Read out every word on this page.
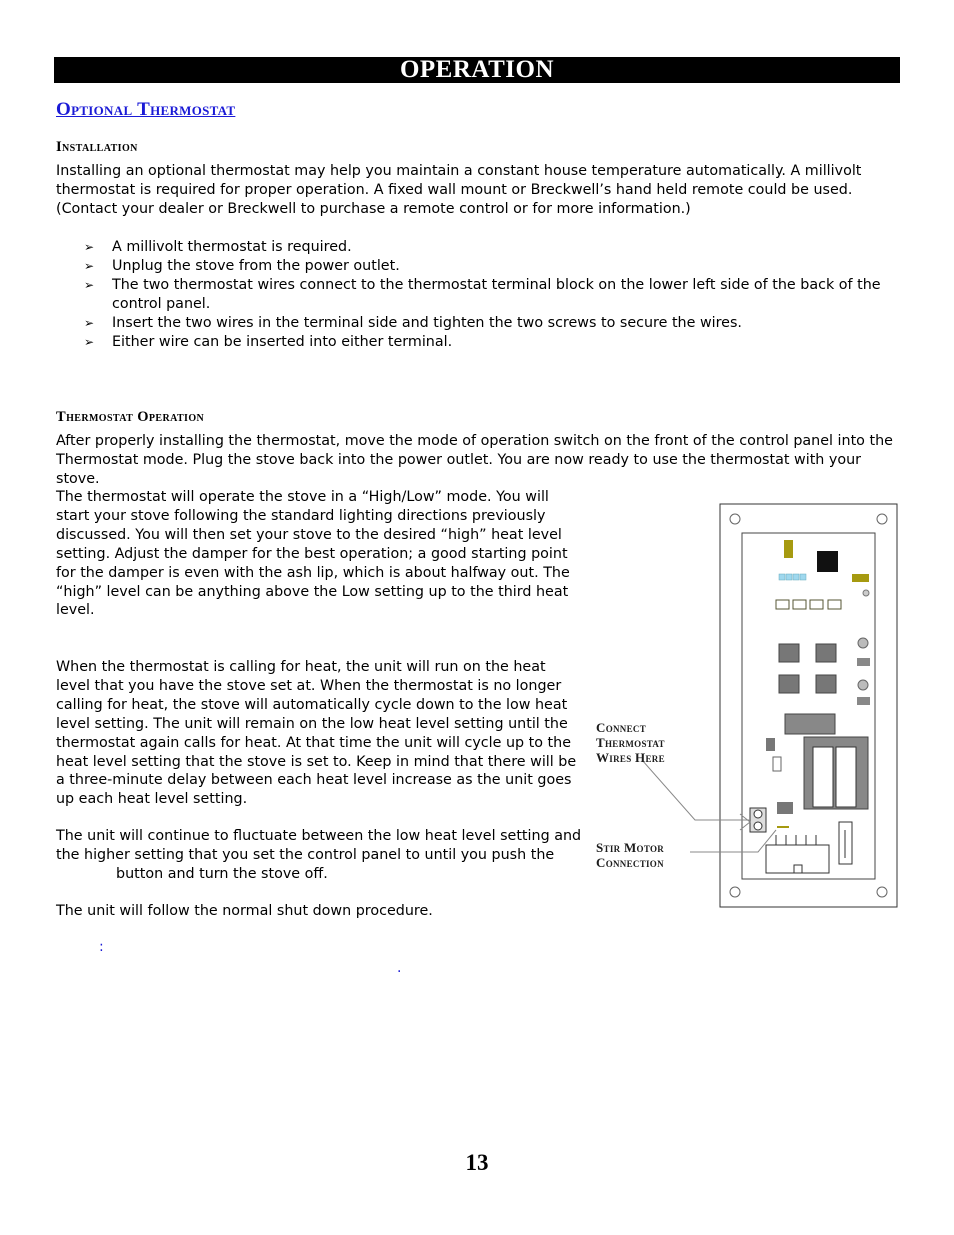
OPERATION
Optional Thermostat
Installation

Installing an optional thermostat may help you maintain a constant house temperature automatically. A millivolt thermostat is required for proper operation. A fixed wall mount or Breckwell’s hand held remote could be used. (Contact your dealer or Breckwell to purchase a remote control or for more information.)

➢ A millivolt thermostat is required.
➢ Unplug the stove from the power outlet.
➢ The two thermostat wires connect to the thermostat terminal block on the lower left side of the back of the control panel.
➢ Insert the two wires in the terminal side and tighten the two screws to secure the wires.
➢ Either wire can be inserted into either terminal.
Thermostat Operation

After properly installing the thermostat, move the mode of operation switch on the front of the control panel into the Thermostat mode. Plug the stove back into the power outlet. You are now ready to use the thermostat with your stove.

The thermostat will operate the stove in a “High/Low” mode. You will start your stove following the standard lighting directions previously discussed. You will then set your stove to the desired “high” heat level setting. Adjust the damper for the best operation; a good starting point for the damper is even with the ash lip, which is about halfway out. The “high” level can be anything above the Low setting up to the third heat level.

When the thermostat is calling for heat, the unit will run on the heat level that you have the stove set at. When the thermostat is no longer calling for heat, the stove will automatically cycle down to the low heat level setting. The unit will remain on the low heat level setting until the thermostat again calls for heat. At that time the unit will cycle up to the heat level setting that the stove is set to. Keep in mind that there will be a three-minute delay between each heat level increase as the unit goes up each heat level setting.

The unit will continue to fluctuate between the low heat level setting and
the higher setting that you set the control panel to until you push the
button and turn the stove off.

The unit will follow the normal shut down procedure.

:
.
Connect
Thermostat
Wires Here
Stir Motor
Connection
13
